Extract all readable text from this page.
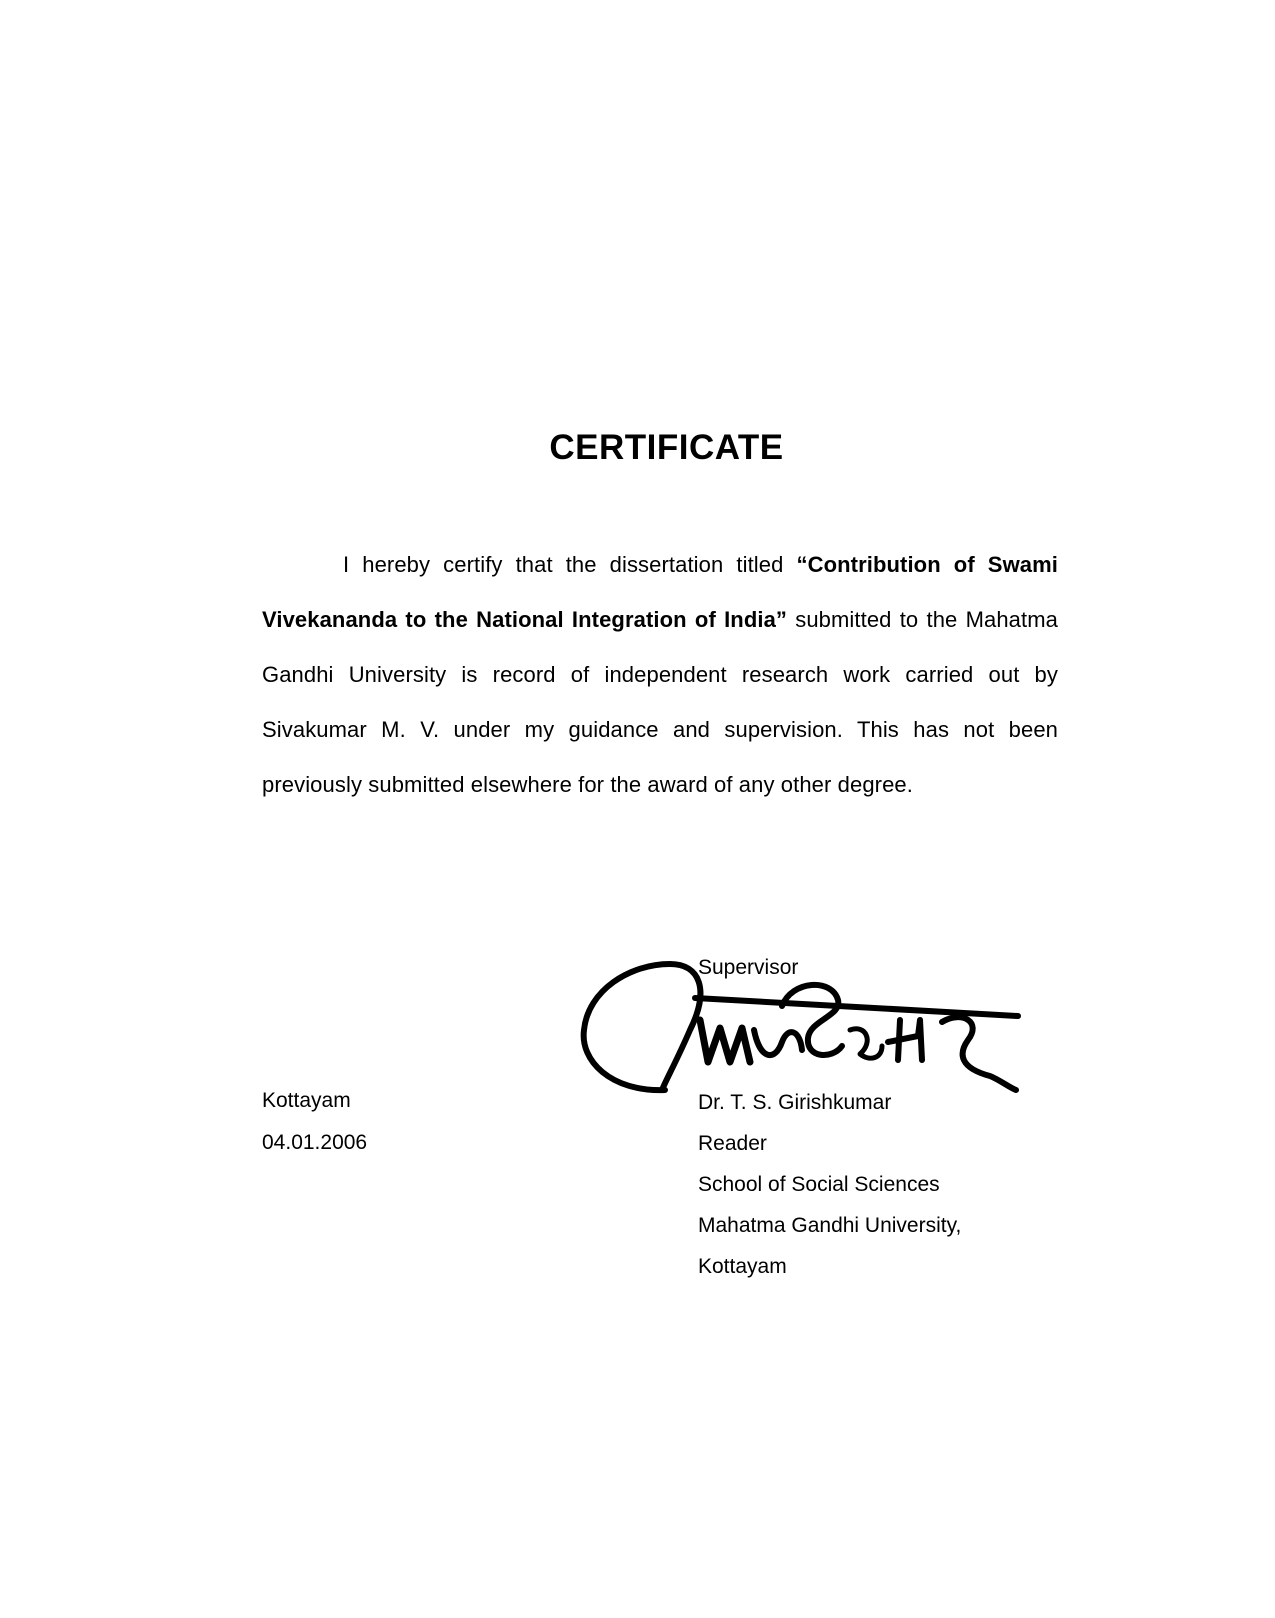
CERTIFICATE

I hereby certify that the dissertation titled “Contribution of Swami Vivekananda to the National Integration of India” submitted to the Mahatma Gandhi University is record of independent research work carried out by Sivakumar M. V. under my guidance and supervision. This has not been previously submitted elsewhere for the award of any other degree.

Kottayam
04.01.2006
Supervisor
Dr. T. S. Girishkumar
Reader
School of Social Sciences
Mahatma Gandhi University,
Kottayam
